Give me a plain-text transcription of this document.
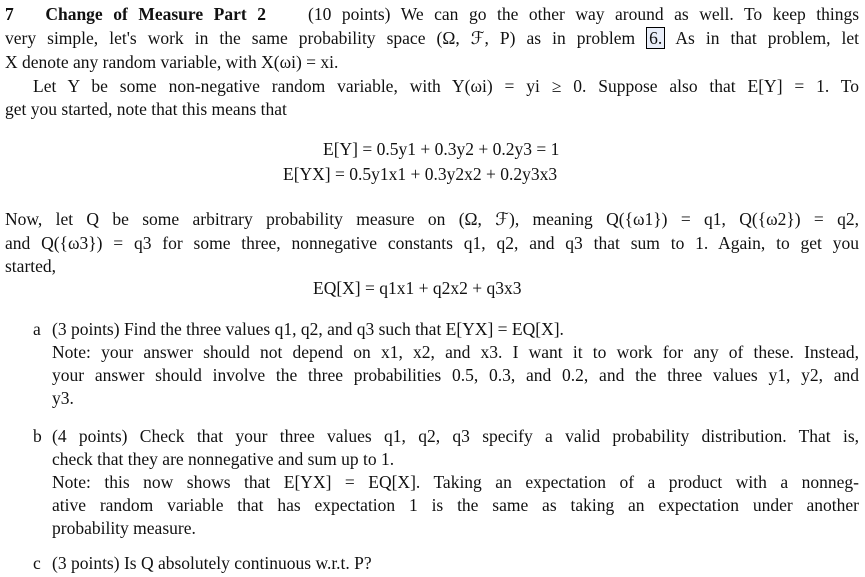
7 Change of Measure Part 2 (10 points) We can go the other way around as well. To keep things
very simple, let's work in the same probability space (Ω, ℱ, P) as in problem 6. As in that problem, let
X denote any random variable, with X(ωi) = xi.
Let Y be some non-negative random variable, with Y(ωi) = yi ≥ 0. Suppose also that E[Y] = 1. To
get you started, note that this means that
E[Y] = 0.5y1 + 0.3y2 + 0.2y3 = 1
E[YX] = 0.5y1x1 + 0.3y2x2 + 0.2y3x3
Now, let Q be some arbitrary probability measure on (Ω, ℱ), meaning Q({ω1}) = q1, Q({ω2}) = q2,
and Q({ω3}) = q3 for some three, nonnegative constants q1, q2, and q3 that sum to 1. Again, to get you
started,
EQ[X] = q1x1 + q2x2 + q3x3
a (3 points) Find the three values q1, q2, and q3 such that E[YX] = EQ[X].
Note: your answer should not depend on x1, x2, and x3. I want it to work for any of these. Instead,
your answer should involve the three probabilities 0.5, 0.3, and 0.2, and the three values y1, y2, and
y3.
b (4 points) Check that your three values q1, q2, q3 specify a valid probability distribution. That is,
check that they are nonnegative and sum up to 1.
Note: this now shows that E[YX] = EQ[X]. Taking an expectation of a product with a nonneg-
ative random variable that has expectation 1 is the same as taking an expectation under another
probability measure.
c (3 points) Is Q absolutely continuous w.r.t. P?
